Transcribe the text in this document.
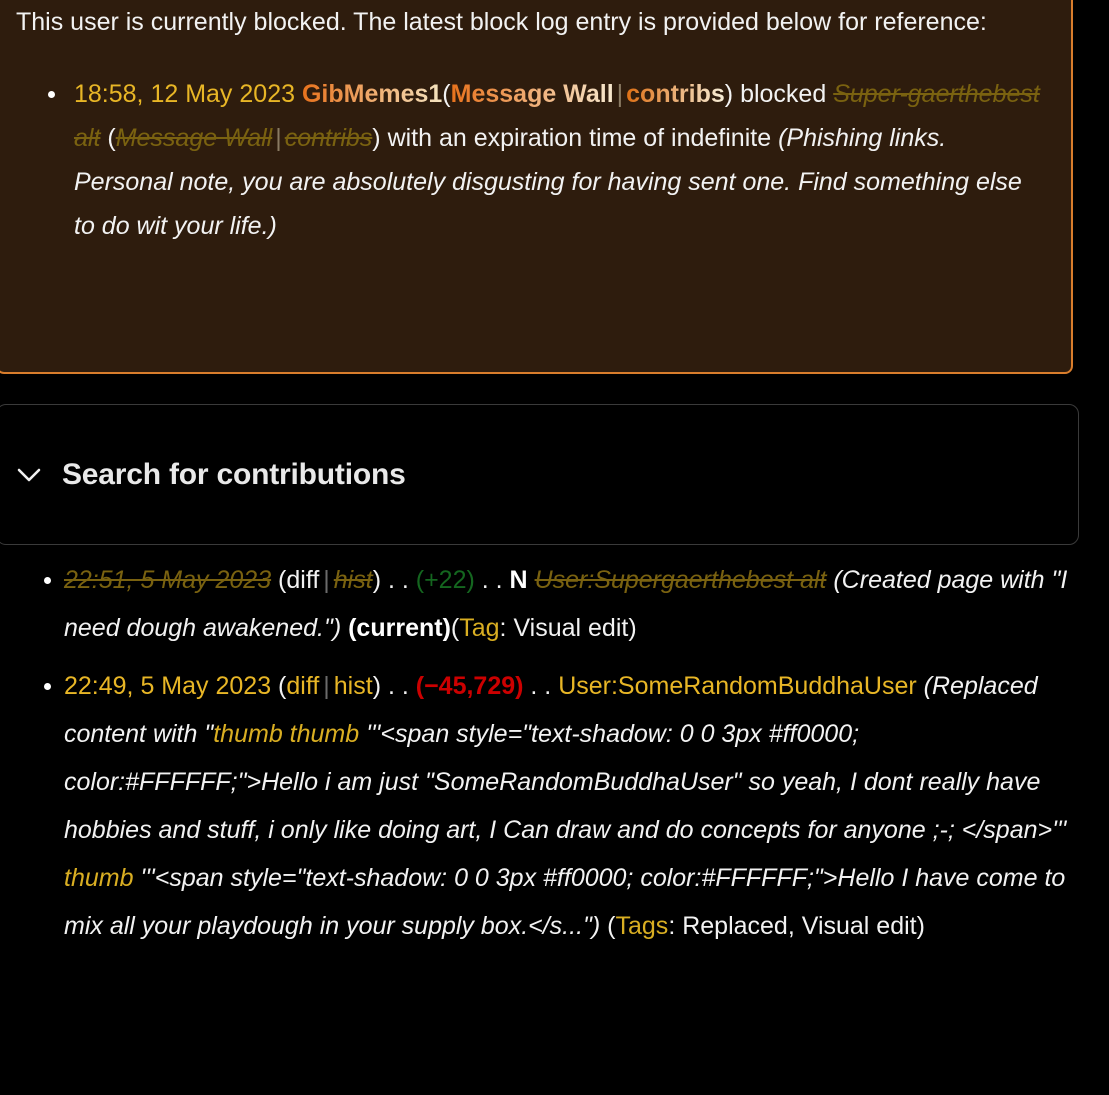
This user is currently blocked. The latest block log entry is provided below for reference:

18:58, 12 May 2023 GibMemes1(Message Wall | contribs) blocked Super-gaerthebest alt (Message Wall | contribs) with an expiration time of indefinite (Phishing links. Personal note, you are absolutely disgusting for having sent one. Find something else to do wit your life.)
Search for contributions
22:51, 5 May 2023 (diff | hist) . . (+22) . . N User:Supergaerthebest alt (Created page with "I need dough awakened.") (current)(Tag: Visual edit)
22:49, 5 May 2023 (diff | hist) . . (−45,729) . . User:SomeRandomBuddhaUser (Replaced content with "thumb thumb '''<span style="text-shadow: 0 0 3px #ff0000; color:#FFFFFF;">Hello i am just "SomeRandomBuddhaUser" so yeah, I dont really have hobbies and stuff, i only like doing art, I Can draw and do concepts for anyone ;-; </span>''' thumb '''<span style="text-shadow: 0 0 3px #ff0000; color:#FFFFFF;">Hello I have come to mix all your playdough in your supply box.</s...") (Tags: Replaced, Visual edit)
